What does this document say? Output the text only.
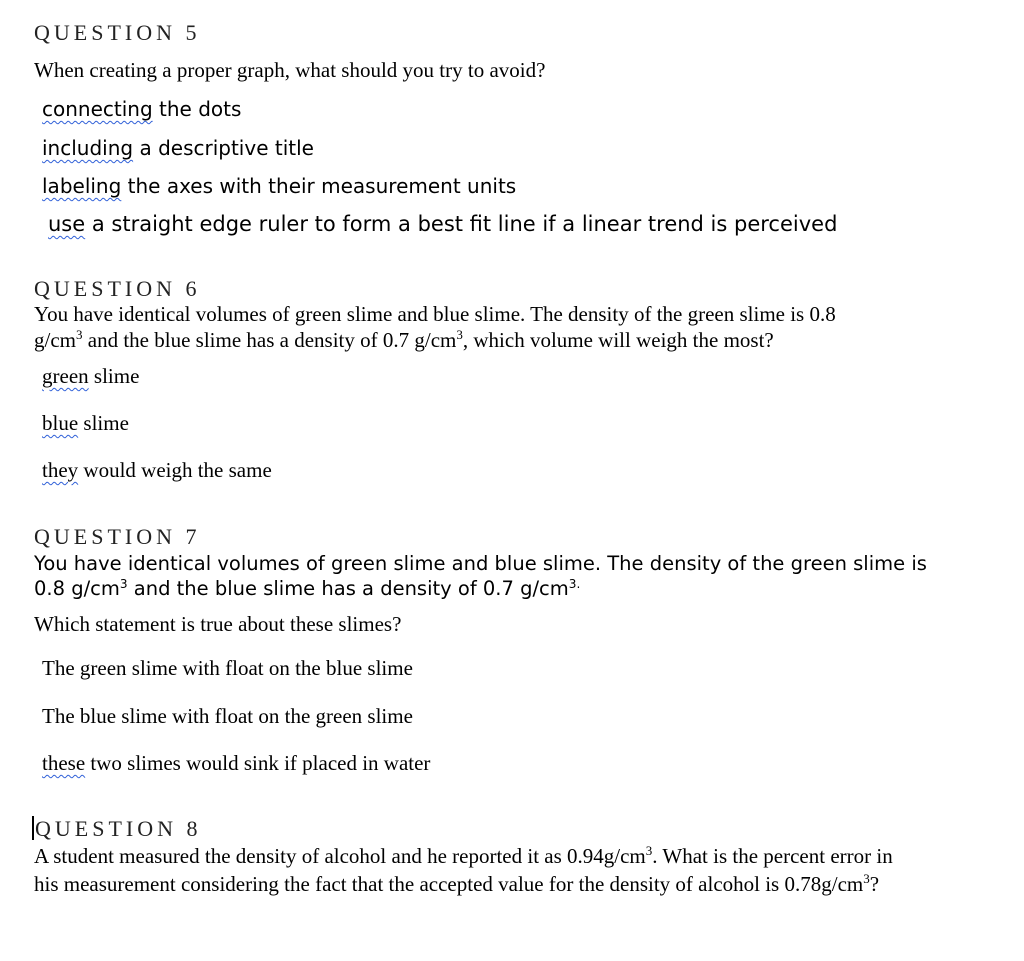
QUESTION 5
When creating a proper graph, what should you try to avoid?
connecting the dots
including a descriptive title
labeling the axes with their measurement units
use a straight edge ruler to form a best fit line if a linear trend is perceived
QUESTION 6
You have identical volumes of green slime and blue slime. The density of the green slime is 0.8
$g/cm^3$ and the blue slime has a density of 0.7 $g/cm^3$, which volume will weigh the most?
green slime
blue slime
they would weigh the same
QUESTION 7
You have identical volumes of green slime and blue slime. The density of the green slime is
0.8 $g/cm^3$ and the blue slime has a density of 0.7 $g/cm^{3.}$
Which statement is true about these slimes?
The green slime with float on the blue slime
The blue slime with float on the green slime
these two slimes would sink if placed in water
QUESTION 8
A student measured the density of alcohol and he reported it as $0.94g/cm^3$. What is the percent error in
his measurement considering the fact that the accepted value for the density of alcohol is $0.78g/cm^3$?
